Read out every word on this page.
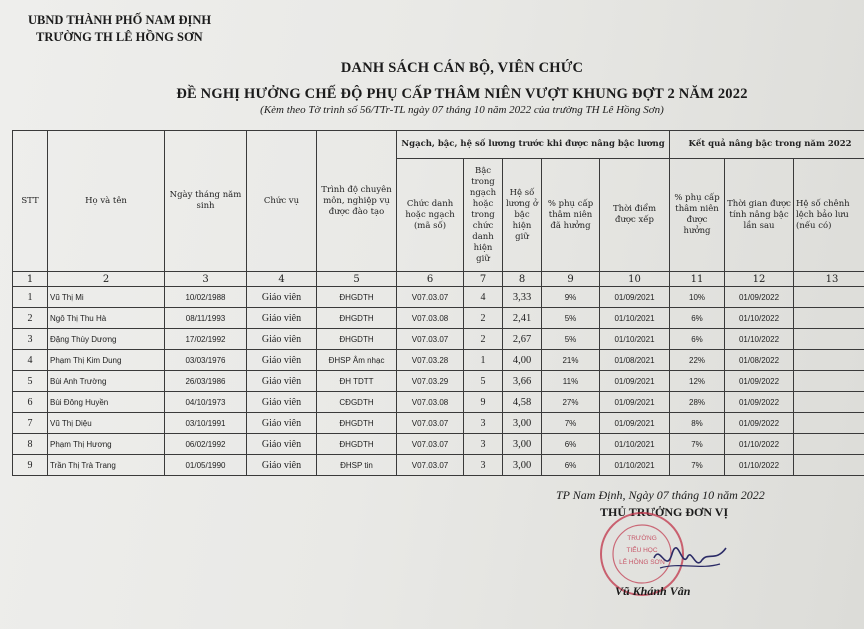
UBND THÀNH PHỐ NAM ĐỊNH
TRƯỜNG TH LÊ HỒNG SƠN
DANH SÁCH CÁN BỘ, VIÊN CHỨC
ĐỀ NGHỊ HƯỞNG CHẾ ĐỘ PHỤ CẤP THÂM NIÊN VƯỢT KHUNG ĐỢT 2 NĂM 2022
(Kèm theo Tờ trình số 56/TTr-TL ngày 07 tháng 10 năm 2022 của trường TH Lê Hồng Sơn)
STT	Họ và tên	Ngày tháng năm sinh	Chức vụ	Trình độ chuyên môn, nghiệp vụ được đào tạo	Ngạch, bậc, hệ số lương trước khi được nâng bậc lương					Kết quả nâng bậc trong năm 2022		
					Chức danh hoặc ngạch (mã số)	Bậc trong ngạch hoặc trong chức danh hiện giữ	Hệ số lương ở bậc hiện giữ	% phụ cấp thâm niên đã hưởng	Thời điểm được xếp	% phụ cấp thâm niên được hưởng	Thời gian được tính nâng bậc lần sau	Hệ số chênh lệch bảo lưu (nếu có)
1	2	3	4	5	6	7	8	9	10	11	12	13
1	Vũ Thị Mi	10/02/1988	Giáo viên	ĐHGDTH	V07.03.07	4	3,33	9%	01/09/2021	10%	01/09/2022	
2	Ngô Thị Thu Hà	08/11/1993	Giáo viên	ĐHGDTH	V07.03.08	2	2,41	5%	01/10/2021	6%	01/10/2022	
3	Đặng Thùy Dương	17/02/1992	Giáo viên	ĐHGDTH	V07.03.07	2	2,67	5%	01/10/2021	6%	01/10/2022	
4	Phạm Thị Kim Dung	03/03/1976	Giáo viên	ĐHSP Âm nhạc	V07.03.28	1	4,00	21%	01/08/2021	22%	01/08/2022	
5	Bùi Anh Trường	26/03/1986	Giáo viên	ĐH TDTT	V07.03.29	5	3,66	11%	01/09/2021	12%	01/09/2022	
6	Bùi Đông Huyền	04/10/1973	Giáo viên	CĐGDTH	V07.03.08	9	4,58	27%	01/09/2021	28%	01/09/2022	
7	Vũ Thị Diệu	03/10/1991	Giáo viên	ĐHGDTH	V07.03.07	3	3,00	7%	01/09/2021	8%	01/09/2022	
8	Phạm Thị Hương	06/02/1992	Giáo viên	ĐHGDTH	V07.03.07	3	3,00	6%	01/10/2021	7%	01/10/2022	
9	Trần Thị Trà Trang	01/05/1990	Giáo viên	ĐHSP tin	V07.03.07	3	3,00	6%	01/10/2021	7%	01/10/2022	
TP Nam Định, Ngày 07 tháng 10 năm 2022
THỦ TRƯỞNG ĐƠN VỊ
TRƯỜNG
TIỂU HỌC
LÊ HỒNG SƠN
Vũ Khánh Vân
